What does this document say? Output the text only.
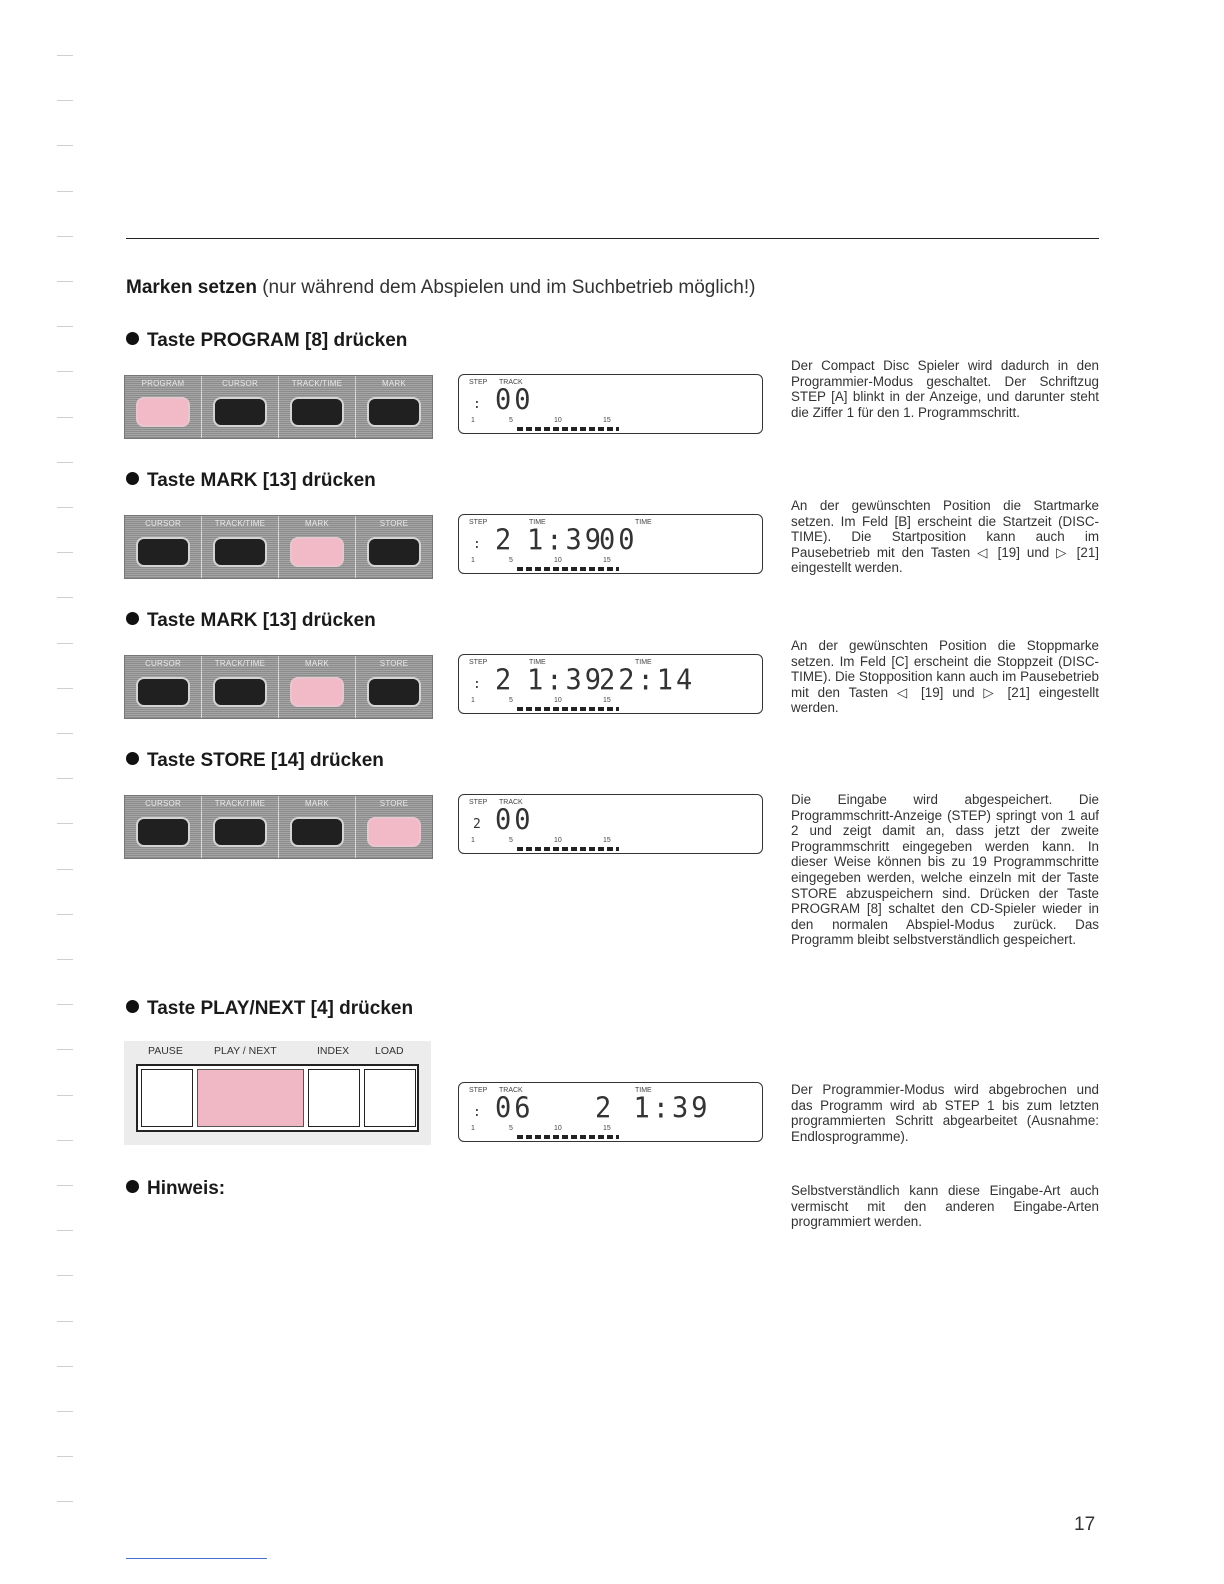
Marken setzen (nur während dem Abspielen und im Suchbetrieb möglich!)
Taste PROGRAM [8] drücken
PROGRAM	CURSOR	TRACK/TIME	MARK	STEP TRACK
: 00
1	5	10	15
Der Compact Disc Spieler wird dadurch in den Programmier-Modus geschaltet. Der Schriftzug STEP [A] blinkt in der Anzeige, und darunter steht die Ziffer 1 für den 1. Programmschritt.
Taste MARK [13] drücken
CURSOR	TRACK/TIME	MARK	STORE	STEP	TIME	TIME
: 2 1:39
00
1	5	10	15
An der gewünschten Position die Startmarke setzen. Im Feld [B] erscheint die Startzeit (DISC-TIME). Die Startposition kann auch im Pausebetrieb mit den Tasten ◁ [19] und ▷ [21] eingestellt werden.
Taste MARK [13] drücken
CURSOR	TRACK/TIME	MARK	STORE	STEP	TIME	TIME
: 2 1:39
22:14
1	5	10	15
An der gewünschten Position die Stoppmarke setzen. Im Feld [C] erscheint die Stoppzeit (DISC-TIME). Die Stopposition kann auch im Pausebetrieb mit den Tasten ◁ [19] und ▷ [21] eingestellt werden.
Taste STORE [14] drücken
CURSOR	TRACK/TIME	MARK	STORE	STEP TRACK
2 00
1	5	10	15
Die Eingabe wird abgespeichert. Die Programmschritt-Anzeige (STEP) springt von 1 auf 2 und zeigt damit an, dass jetzt der zweite Programmschritt eingegeben werden kann. In dieser Weise können bis zu 19 Programmschritte eingegeben werden, welche einzeln mit der Taste STORE abzuspeichern sind. Drücken der Taste PROGRAM [8] schaltet den CD-Spieler wieder in den normalen Abspiel-Modus zurück. Das Programm bleibt selbstverständlich gespeichert.
Taste PLAY/NEXT [4] drücken
PAUSE	PLAY / NEXT	INDEX LOAD
STEP TRACK	TIME
: 06 2 1:39
1	5	10	15
Der Programmier-Modus wird abgebrochen und das Programm wird ab STEP 1 bis zum letzten programmierten Schritt abgearbeitet (Ausnahme: Endlosprogramme).
Hinweis:	Selbstverständlich kann diese Eingabe-Art auch vermischt mit den anderen Eingabe-Arten programmiert werden.
17
